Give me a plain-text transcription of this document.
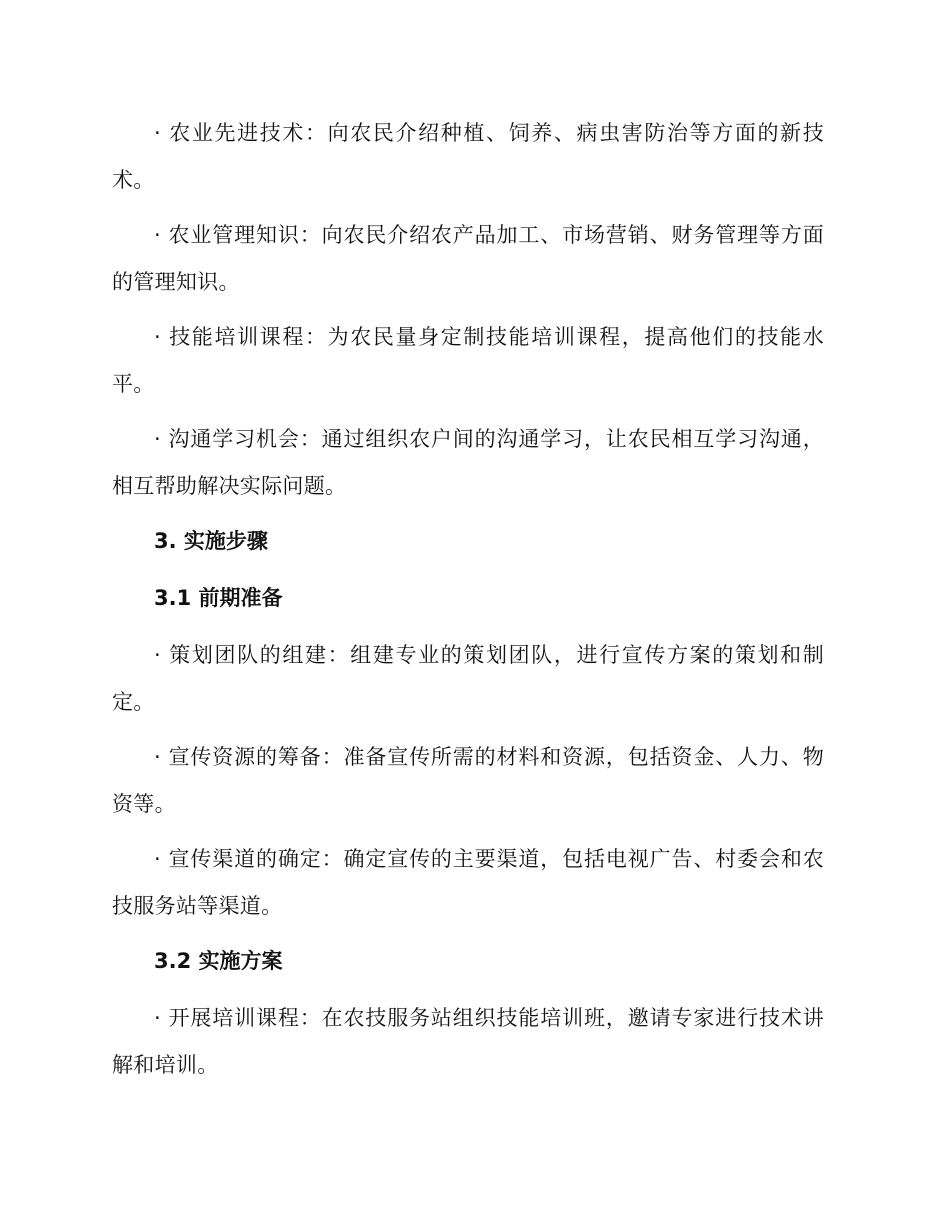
· 农业先进技术：向农民介绍种植、饲养、病虫害防治等方面的新技术。

· 农业管理知识：向农民介绍农产品加工、市场营销、财务管理等方面的管理知识。

· 技能培训课程：为农民量身定制技能培训课程，提高他们的技能水平。

· 沟通学习机会：通过组织农户间的沟通学习，让农民相互学习沟通，相互帮助解决实际问题。

3. 实施步骤

3.1 前期准备

· 策划团队的组建：组建专业的策划团队，进行宣传方案的策划和制定。

· 宣传资源的筹备：准备宣传所需的材料和资源，包括资金、人力、物资等。

· 宣传渠道的确定：确定宣传的主要渠道，包括电视广告、村委会和农技服务站等渠道。

3.2 实施方案

· 开展培训课程：在农技服务站组织技能培训班，邀请专家进行技术讲解和培训。
